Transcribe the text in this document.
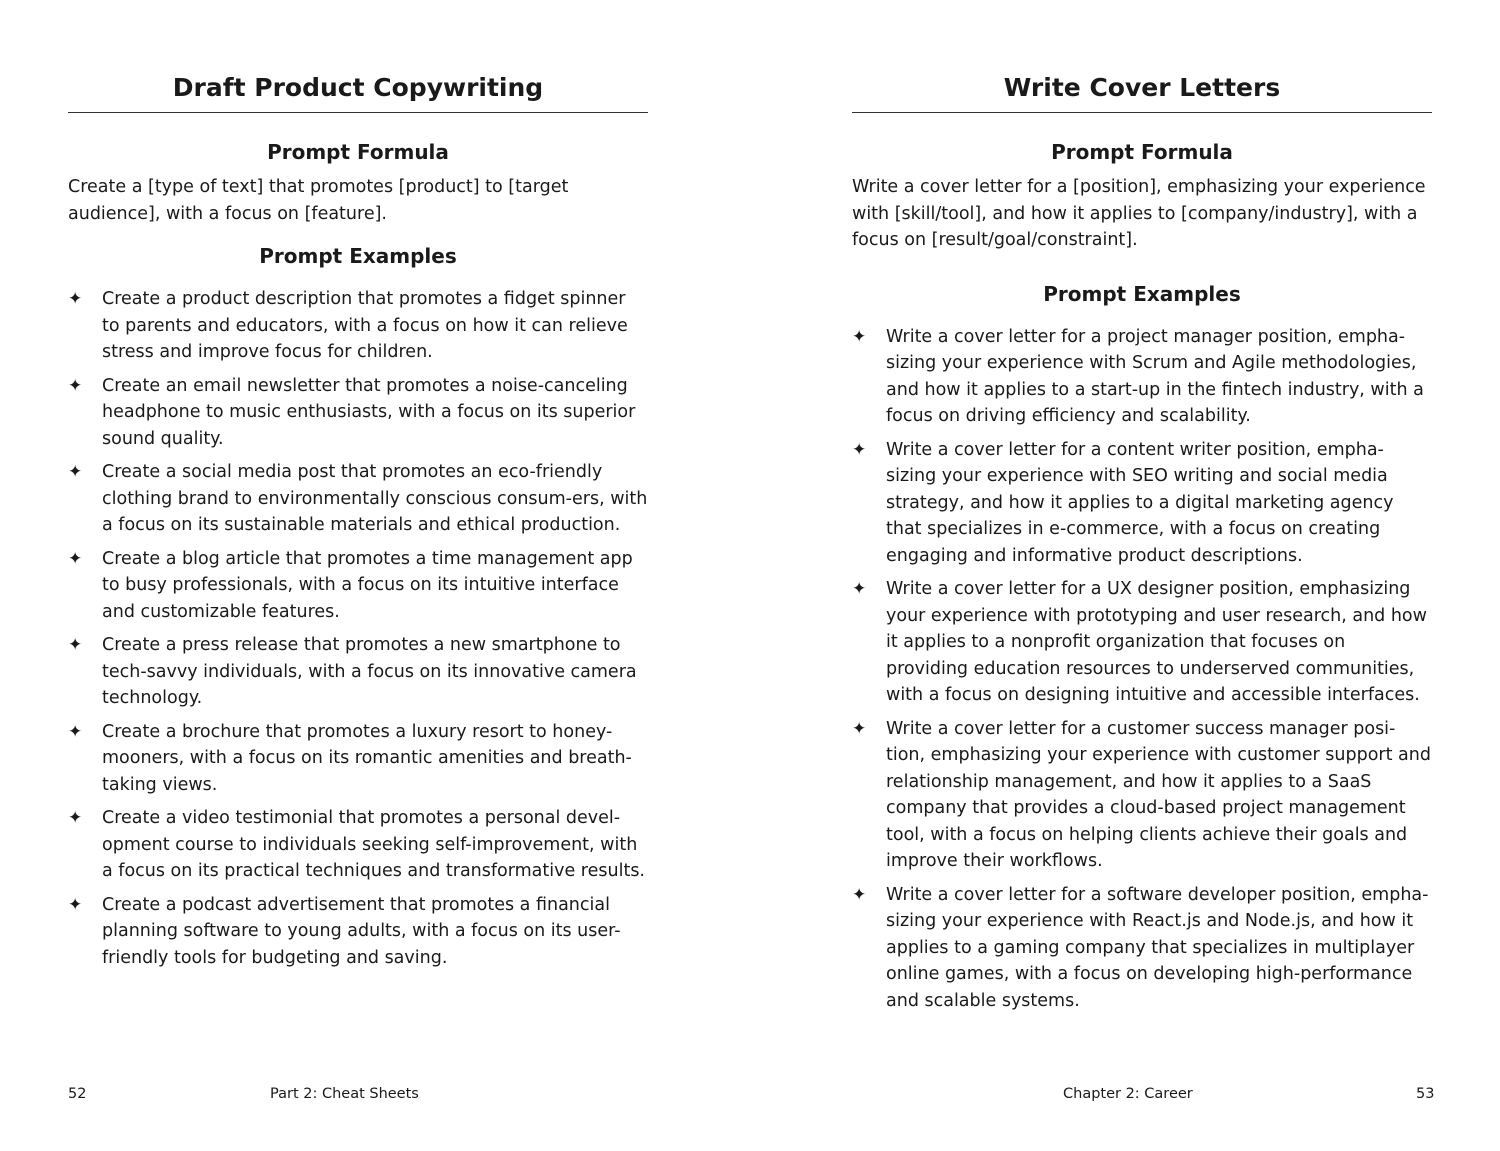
Draft Product Copywriting
Prompt Formula

Create a [type of text] that promotes [product] to [target audience], with a focus on [feature].

Prompt Examples
✦ Create a product description that promotes a fidget spinner to parents and educators, with a focus on how it can relieve stress and improve focus for children.
✦ Create an email newsletter that promotes a noise-canceling headphone to music enthusiasts, with a focus on its superior sound quality.
✦ Create a social media post that promotes an eco-friendly clothing brand to environmentally conscious consum-ers, with a focus on its sustainable materials and ethical production.
✦ Create a blog article that promotes a time management app to busy professionals, with a focus on its intuitive interface and customizable features.
✦ Create a press release that promotes a new smartphone to tech-savvy individuals, with a focus on its innovative camera technology.
✦ Create a brochure that promotes a luxury resort to honey-mooners, with a focus on its romantic amenities and breath-taking views.
✦ Create a video testimonial that promotes a personal devel-opment course to individuals seeking self-improvement, with a focus on its practical techniques and transformative results.
✦ Create a podcast advertisement that promotes a financial planning software to young adults, with a focus on its user-friendly tools for budgeting and saving.
Write Cover Letters
Prompt Formula

Write a cover letter for a [position], emphasizing your experience with [skill/tool], and how it applies to [company/industry], with a focus on [result/goal/constraint].

Prompt Examples
✦ Write a cover letter for a project manager position, empha-sizing your experience with Scrum and Agile methodologies, and how it applies to a start-up in the fintech industry, with a focus on driving efficiency and scalability.
✦ Write a cover letter for a content writer position, empha-sizing your experience with SEO writing and social media strategy, and how it applies to a digital marketing agency that specializes in e-commerce, with a focus on creating engaging and informative product descriptions.
✦ Write a cover letter for a UX designer position, emphasizing your experience with prototyping and user research, and how it applies to a nonprofit organization that focuses on providing education resources to underserved communities, with a focus on designing intuitive and accessible interfaces.
✦ Write a cover letter for a customer success manager posi-tion, emphasizing your experience with customer support and relationship management, and how it applies to a SaaS company that provides a cloud-based project management tool, with a focus on helping clients achieve their goals and improve their workflows.
✦ Write a cover letter for a software developer position, empha-sizing your experience with React.js and Node.js, and how it applies to a gaming company that specializes in multiplayer online games, with a focus on developing high-performance and scalable systems.
52	Part 2: Cheat Sheets	Chapter 2: Career	53
